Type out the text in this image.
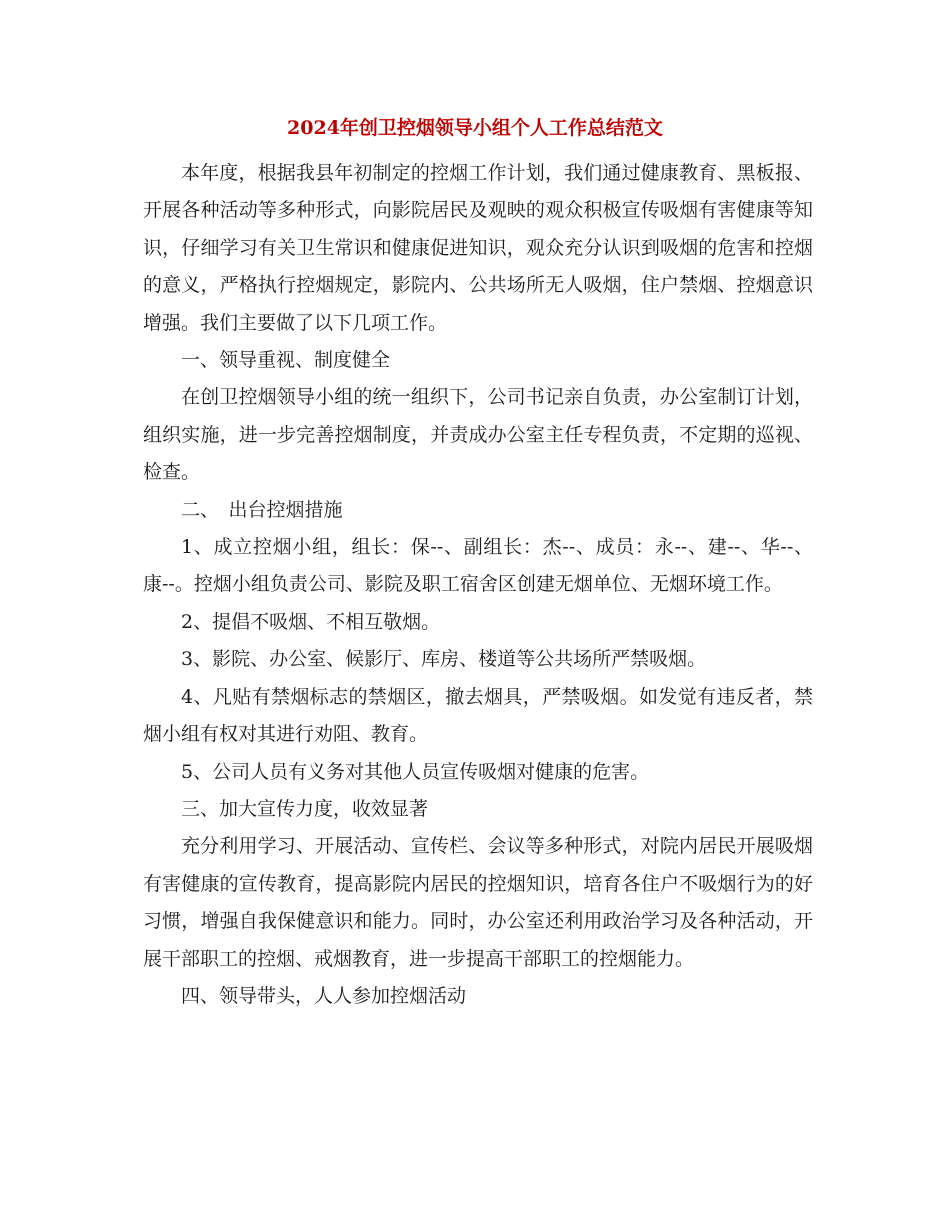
2024年创卫控烟领导小组个人工作总结范文

本年度，根据我县年初制定的控烟工作计划，我们通过健康教育、黑板报、开展各种活动等多种形式，向影院居民及观映的观众积极宣传吸烟有害健康等知识，仔细学习有关卫生常识和健康促进知识，观众充分认识到吸烟的危害和控烟的意义，严格执行控烟规定，影院内、公共场所无人吸烟，住户禁烟、控烟意识增强。我们主要做了以下几项工作。

一、领导重视、制度健全

在创卫控烟领导小组的统一组织下，公司书记亲自负责，办公室制订计划，组织实施，进一步完善控烟制度，并责成办公室主任专程负责，不定期的巡视、检查。

二、　出台控烟措施

1、成立控烟小组，组长：保--、副组长：杰--、成员：永--、建--、华--、康--。控烟小组负责公司、影院及职工宿舍区创建无烟单位、无烟环境工作。

2、提倡不吸烟、不相互敬烟。

3、影院、办公室、候影厅、库房、楼道等公共场所严禁吸烟。

4、凡贴有禁烟标志的禁烟区，撤去烟具，严禁吸烟。如发觉有违反者，禁烟小组有权对其进行劝阻、教育。

5、公司人员有义务对其他人员宣传吸烟对健康的危害。

三、加大宣传力度，收效显著

充分利用学习、开展活动、宣传栏、会议等多种形式，对院内居民开展吸烟有害健康的宣传教育，提高影院内居民的控烟知识，培育各住户不吸烟行为的好习惯，增强自我保健意识和能力。同时，办公室还利用政治学习及各种活动，开展干部职工的控烟、戒烟教育，进一步提高干部职工的控烟能力。

四、领导带头，人人参加控烟活动
